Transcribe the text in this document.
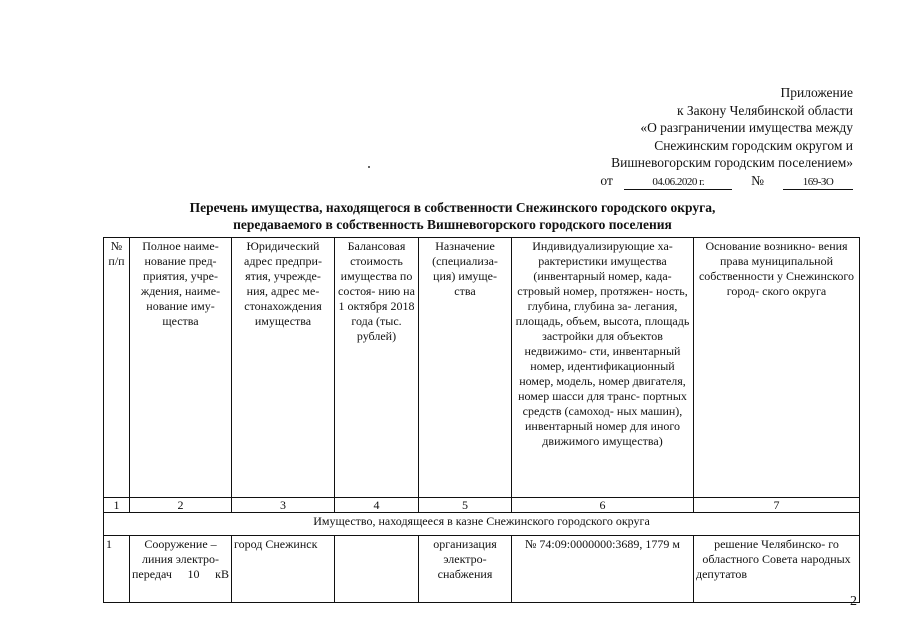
Приложение
к Закону Челябинской области
«О разграничении имущества между
Снежинским городским округом и
Вишневогорским городским поселением»
от	04.06.2020 г.	№	169-ЗО
Перечень имущества, находящегося в собственности Снежинского городского округа,
передаваемого в собственность Вишневогорского городского поселения
№ п/п	Полное наиме- нование пред- приятия, учре- ждения, наиме- нование иму- щества	Юридический адрес предпри- ятия, учрежде- ния, адрес ме- стонахождения имущества	Балансовая стоимость имущества по состоя- нию на 1 октября 2018 года (тыс. рублей)	Назначение (специализа- ция) имуще- ства	Индивидуализирующие ха- рактеристики имущества (инвентарный номер, када- стровый номер, протяжен- ность, глубина, глубина за- легания, площадь, объем, высота, площадь застройки для объектов недвижимо- сти, инвентарный номер, идентификационный номер, модель, номер двигателя, номер шасси для транс- портных средств (самоход- ных машин), инвентарный номер для иного движимого имущества)	Основание возникно- вения права муниципальной собственности у Снежинского город- ского округа
1	2	3	4	5	6	7
Имущество, находящееся в казне Снежинского городского округа						
1	Сооружение – линия электро- передач 10 кВ	город Снежинск		организация электро- снабжения	№ 74:09:0000000:3689, 1779 м	решение Челябинско- го областного Совета народных депутатов
2
